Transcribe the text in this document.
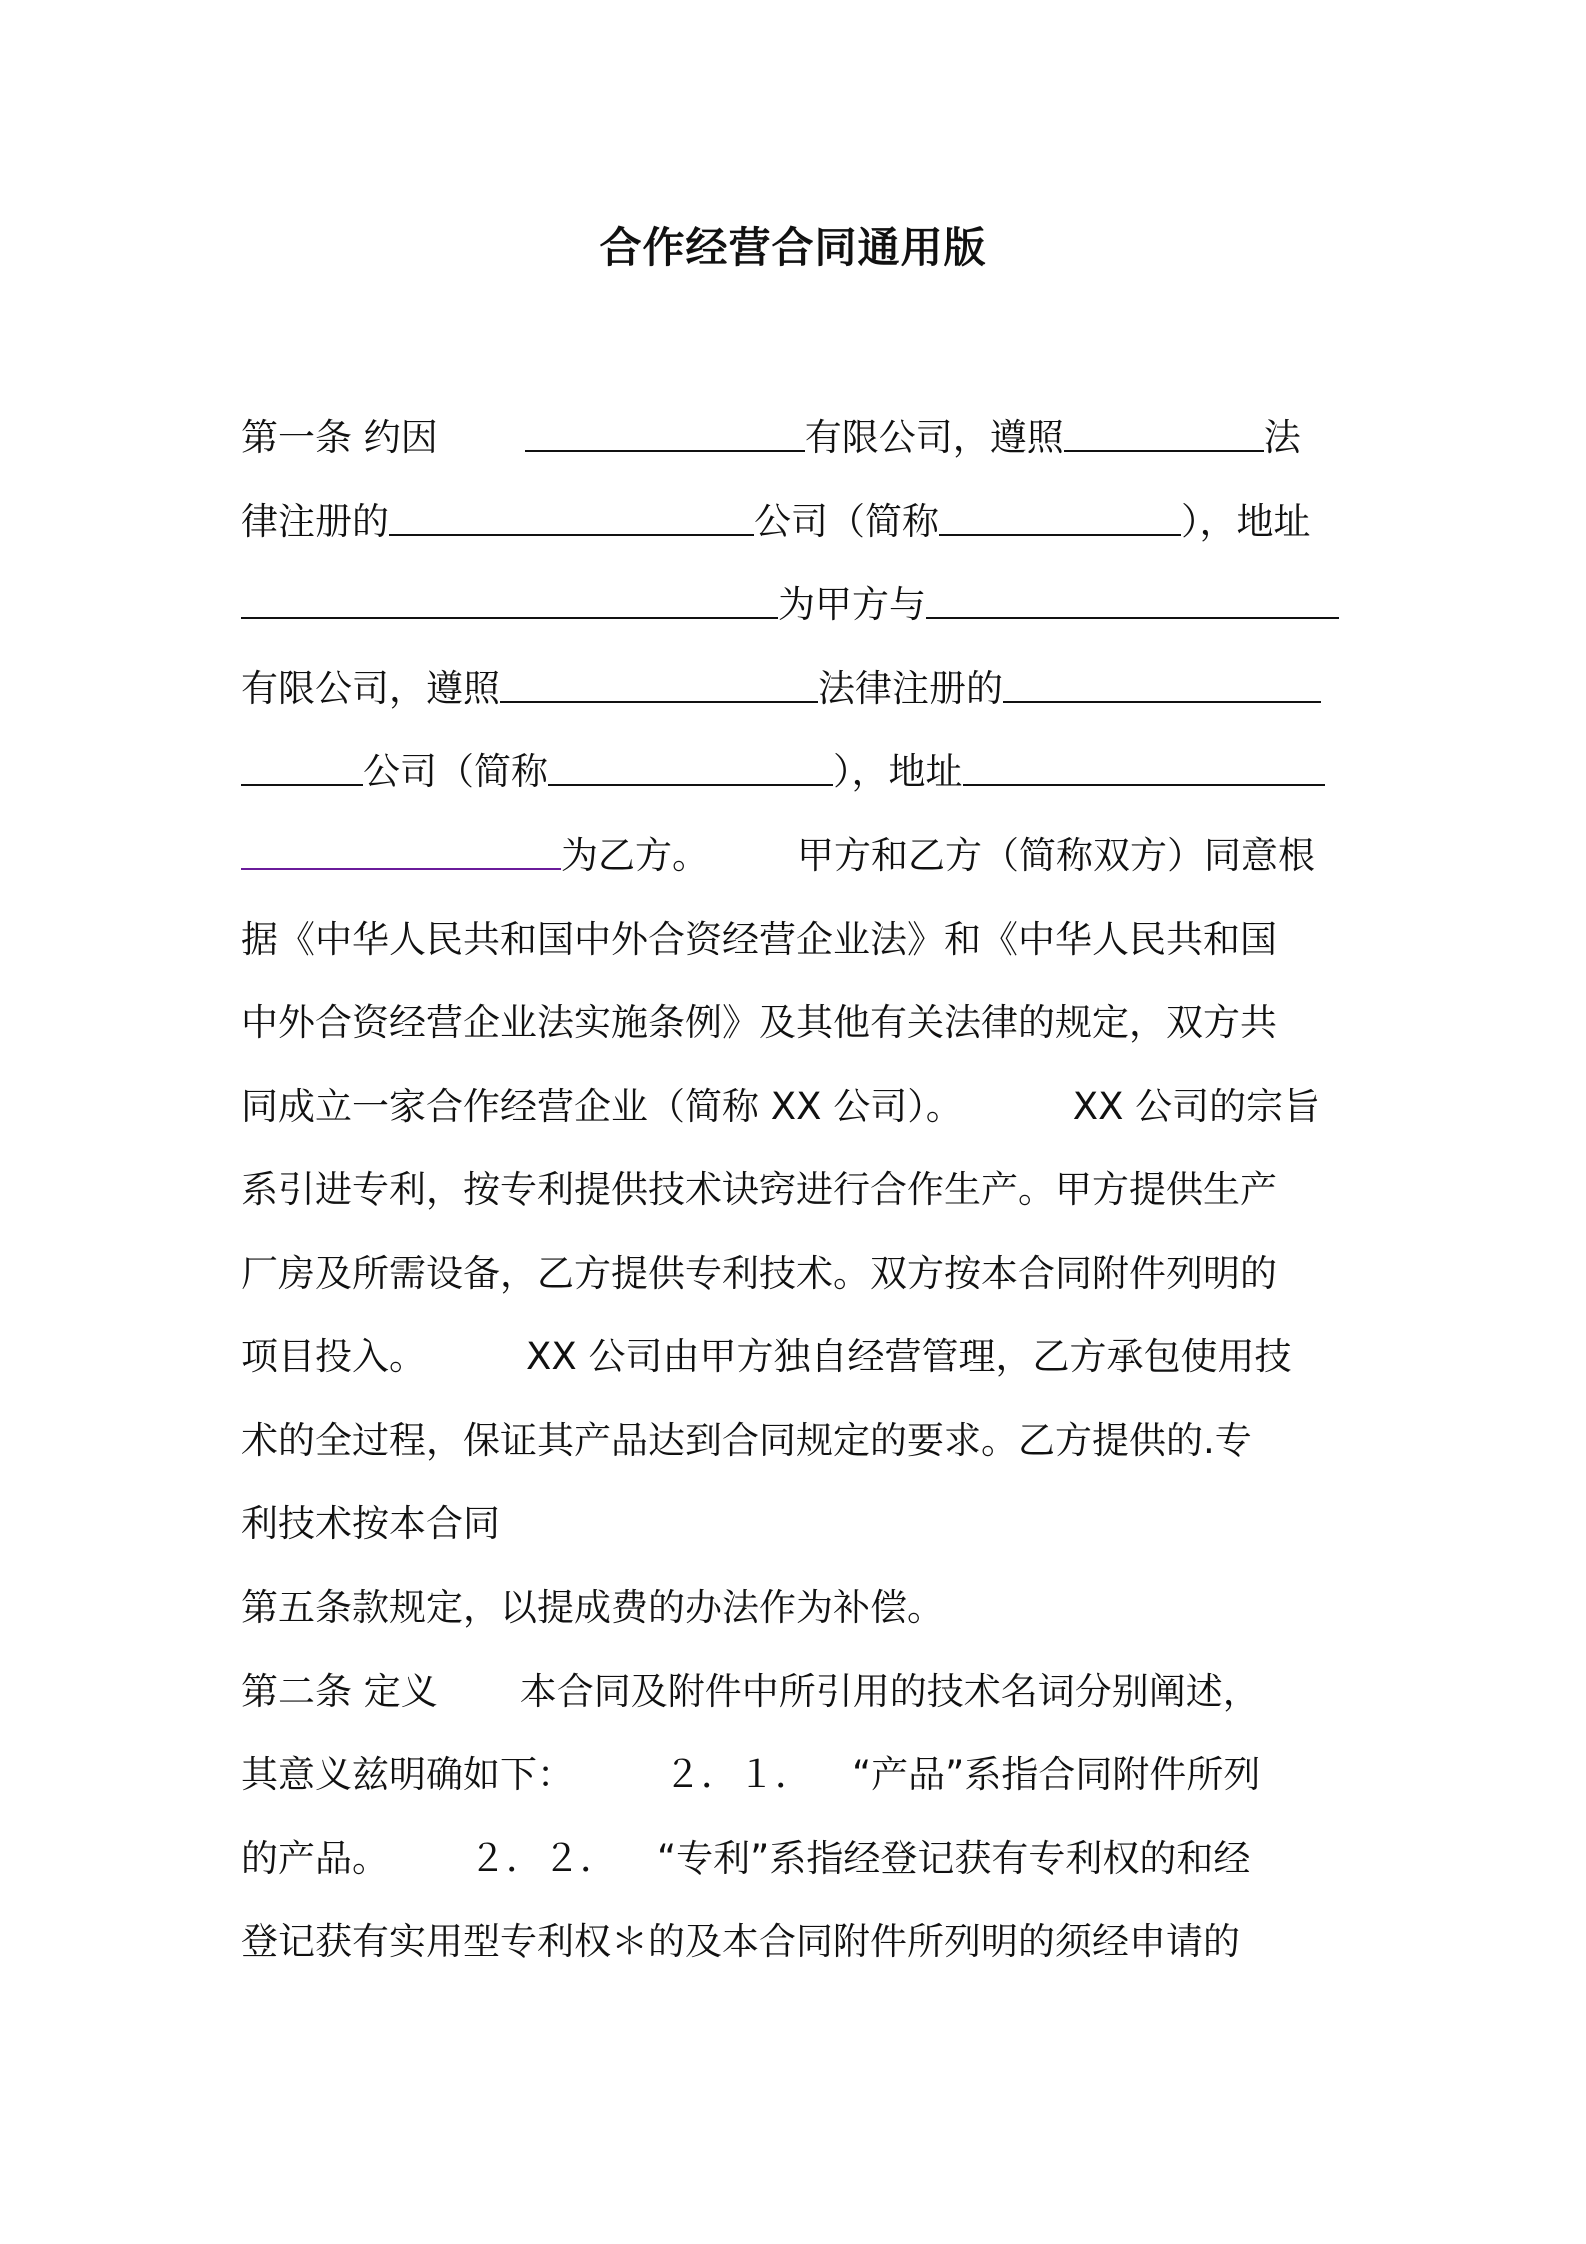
合作经营合同通用版
第一条 约因	有限公司，遵照	法
律注册的	公司（简称	），地址
为甲方与
有限公司，遵照	法律注册的
公司（简称	），地址
为乙方。 甲方和乙方（简称双方）同意根
据《中华人民共和国中外合资经营企业法》和《中华人民共和国
中外合资经营企业法实施条例》及其他有关法律的规定，双方共
同成立一家合作经营企业（简称 XX 公司）。	XX 公司的宗旨
系引进专利，按专利提供技术诀窍进行合作生产。甲方提供生产
厂房及所需设备，乙方提供专利技术。双方按本合同附件列明的
项目投入。	XX 公司由甲方独自经营管理，乙方承包使用技
术的全过程，保证其产品达到合同规定的要求。乙方提供的.专
利技术按本合同
第五条款规定，以提成费的办法作为补偿。
第二条 定义 本合同及附件中所引用的技术名词分别阐述，
其意义兹明确如下： ２．１． “产品”系指合同附件所列
的产品。 ２．２． “专利”系指经登记获有专利权的和经
登记获有实用型专利权＊的及本合同附件所列明的须经申请的
